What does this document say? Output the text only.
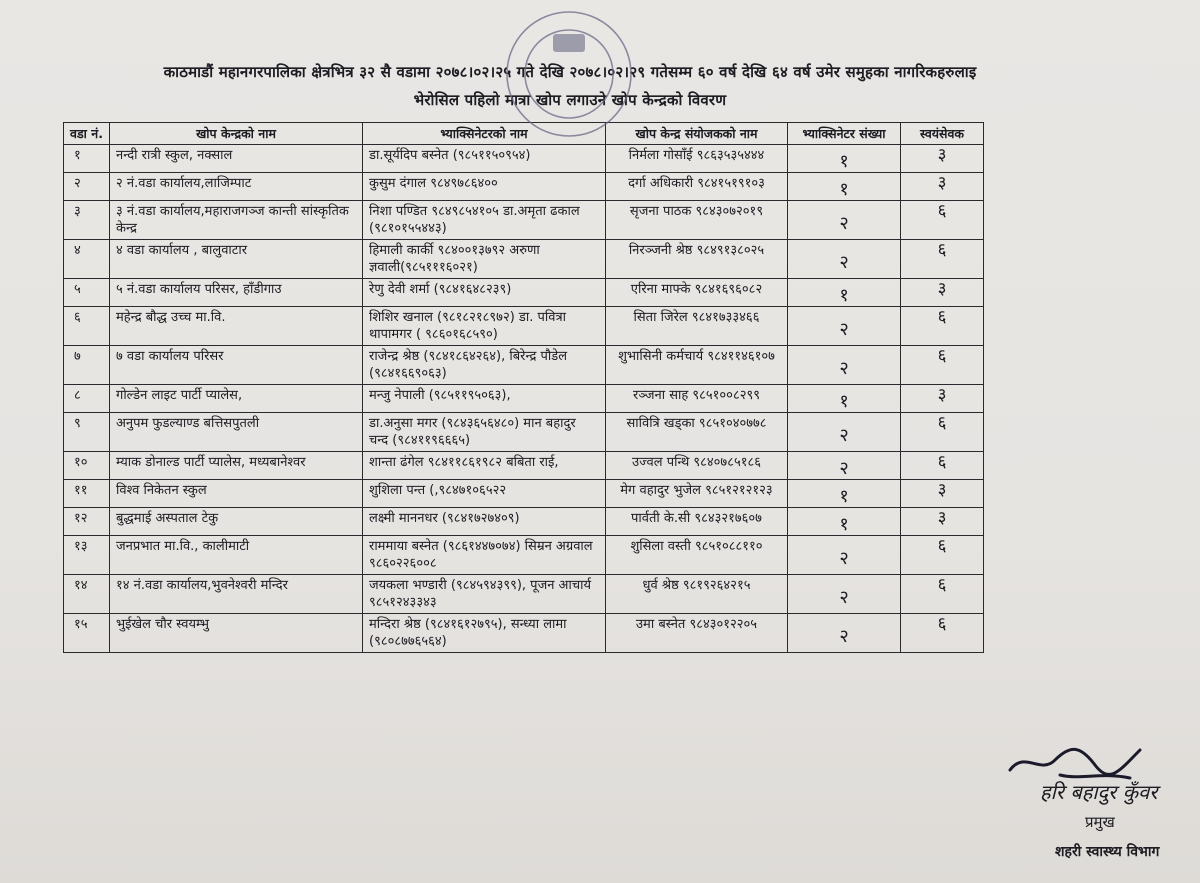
काठमाडौं महानगरपालिका क्षेत्रभित्र ३२ सै वडामा २०७८।०२।२५ गते देखि २०७८।०२।२९ गतेसम्म ६० वर्ष देखि ६४ वर्ष उमेर समुहका नागरिकहरुलाइ
भेरोसिल पहिलो मात्रा खोप लगाउने खोप केन्द्रको विवरण
वडा नं.	खोप केन्द्रको नाम	भ्याक्सिनेटरको नाम	खोप केन्द्र संयोजकको नाम	भ्याक्सिनेटर संख्या	स्वयंसेवक
१	नन्दी रात्री स्कुल, नक्साल	डा.सूर्यदिप बस्नेत (९८५११५०९५४)	निर्मला गोसाँई ९८६३५३५४४४	१	३
२	२ नं.वडा कार्यालय,लाजिम्पाट	कुसुम दंगाल ९८४९७८६४००	दर्गा अधिकारी ९८४१५१९१०३	१	३
३	३ नं.वडा कार्यालय,महाराजगञ्ज कान्ती सांस्कृतिक केन्द्र	निशा पण्डित ९८४९८५४१०५ डा.अमृता ढकाल (९८१०१५५४४३)	सृजना पाठक ९८४३०७२०१९	२	६
४	४ वडा कार्यालय , बालुवाटार	हिमाली कार्की ९८४००१३७९२ अरुणा ज्ञवाली(९८५१११६०२१)	निरञ्जनी श्रेष्ठ ९८४९१३८०२५	२	६
५	५ नं.वडा कार्यालय परिसर, हाँडीगाउ	रेणु देवी शर्मा (९८४१६४८२३९)	एरिना माफ्के ९८४१६९६०८२	१	३
६	महेन्द्र बौद्ध उच्च मा.वि.	शिशिर खनाल (९८१८२१८९७२) डा. पवित्रा थापामगर ( ९८६०१६८५९०)	सिता जिरेल ९८४१७३३४६६	२	६
७	७ वडा कार्यालय परिसर	राजेन्द्र श्रेष्ठ (९८४१८६४२६४), बिरेन्द्र पौडेल (९८४१६६९०६३)	शुभासिनी कर्मचार्य ९८४११४६१०७	२	६
८	गोल्डेन लाइट पार्टी प्यालेस,	मन्जु नेपाली (९८५११९५०६३),	रञ्जना साह ९८५१००८२९९	१	३
९	अनुपम फुडल्याण्ड बत्तिसपुतली	डा.अनुसा मगर (९८४३६५६४८०) मान बहादुर चन्द (९८४११९६६६५)	सावित्रि खड्का ९८५१०४०७७८	२	६
१०	म्याक डोनाल्ड पार्टी प्यालेस, मध्यबानेश्वर	शान्ता ढंगेल ९८४११८६१९८२ बबिता राई,	उज्वल पन्थि ९८४०७८५१८६	२	६
११	विश्व निकेतन स्कुल	शुशिला पन्त (,९८४७१०६५२२	मेग वहादुर भुजेल ९८५१२१२१२३	१	३
१२	बुद्धमाई अस्पताल टेकु	लक्ष्मी माननधर (९८४१७२७४०९)	पार्वती के.सी ९८४३२१७६०७	१	३
१३	जनप्रभात मा.वि., कालीमाटी	राममाया बस्नेत (९८६१४४७०७४) सिम्रन अग्रवाल ९८६०२२६००८	शुसिला वस्ती ९८५१०८८११०	२	६
१४	१४ नं.वडा कार्यालय,भुवनेश्वरी मन्दिर	जयकला भण्डारी (९८४५९४३९९), पूजन आचार्य ९८५१२४३३४३	धुर्व श्रेष्ठ ९८१९२६४२१५	२	६
१५	भुईखेल चौर स्वयम्भु	मन्दिरा श्रेष्ठ (९८४१६१२७९५), सन्ध्या लामा (९८०८७७६५६४)	उमा बस्नेत ९८४३०१२२०५	२	६
हरि बहादुर कुँवर
प्रमुख
शहरी स्वास्थ्य विभाग
